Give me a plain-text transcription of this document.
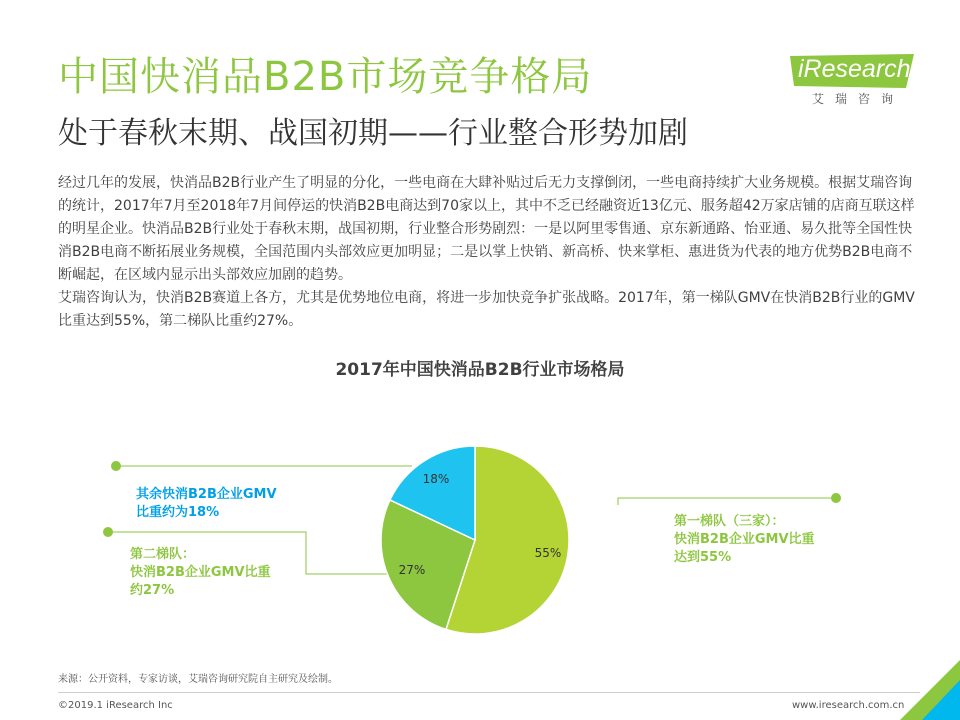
中国快消品B2B市场竞争格局
处于春秋末期、战国初期——行业整合形势加剧
iResearch
艾瑞咨询

经过几年的发展，快消品B2B行业产生了明显的分化，一些电商在大肆补贴过后无力支撑倒闭，一些电商持续扩大业务规模。根据艾瑞咨询的统计，2017年7月至2018年7月间停运的快消B2B电商达到70家以上，其中不乏已经融资近13亿元、服务超42万家店铺的店商互联这样的明星企业。快消品B2B行业处于春秋末期，战国初期，行业整合形势剧烈：一是以阿里零售通、京东新通路、怡亚通、易久批等全国性快消B2B电商不断拓展业务规模，全国范围内头部效应更加明显；二是以掌上快销、新高桥、快来掌柜、惠进货为代表的地方优势B2B电商不断崛起，在区域内显示出头部效应加剧的趋势。

艾瑞咨询认为，快消B2B赛道上各方，尤其是优势地位电商，将进一步加快竞争扩张战略。2017年，第一梯队GMV在快消B2B行业的GMV比重达到55%，第二梯队比重约27%。

2017年中国快消品B2B行业市场格局
55%
27%
18%
其余快消B2B企业GMV
比重约为18%
第二梯队：
快消B2B企业GMV比重
约27%
第一梯队（三家）：
快消B2B企业GMV比重
达到55%
来源：公开资料，专家访谈，艾瑞咨询研究院自主研究及绘制。
©2019.1 iResearch Inc	www.iresearch.com.cn
